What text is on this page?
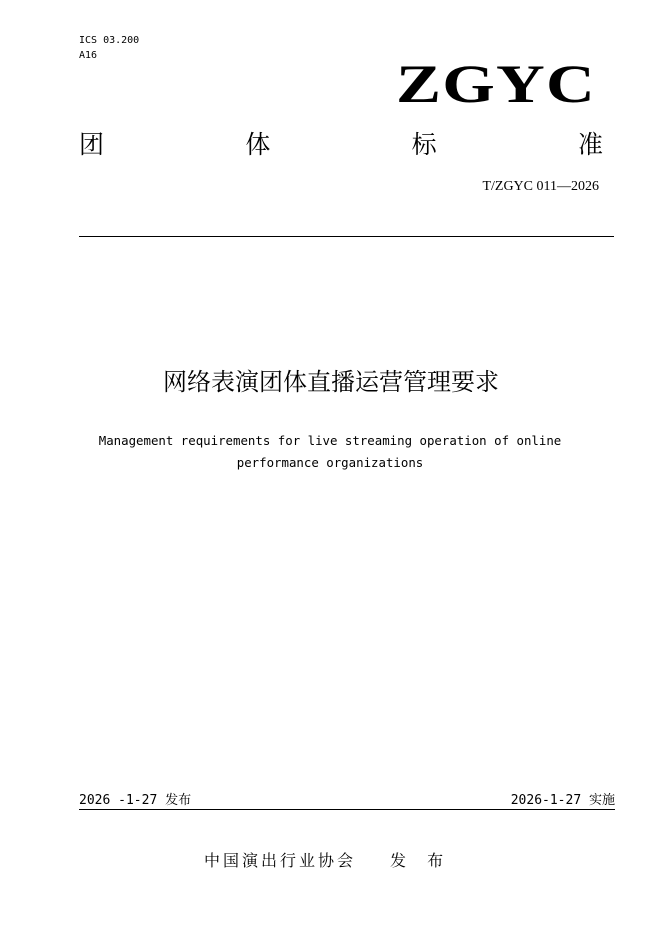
ICS 03.200
A16	ZGYC
团	体	标	准
T/ZGYC 011—2026
网络表演团体直播运营管理要求
Management requirements for live streaming operation of online
performance organizations
2026 -1-27 发布	2026-1-27 实施
中国演出行业协会 发 布
